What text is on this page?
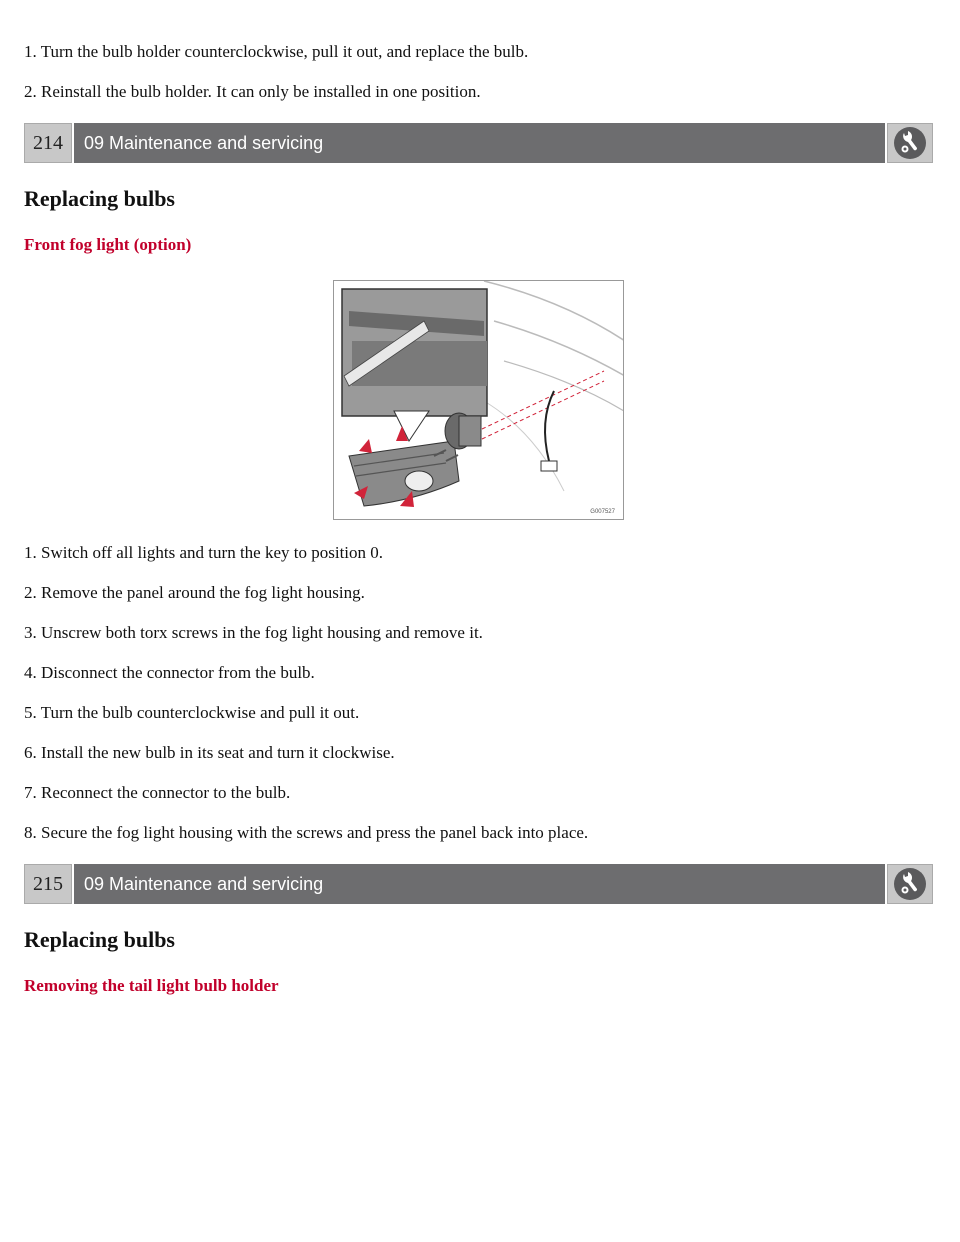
1. Turn the bulb holder counterclockwise, pull it out, and replace the bulb.

2. Reinstall the bulb holder. It can only be installed in one position.

214	09 Maintenance and servicing
Replacing bulbs
Front fog light (option)
G007527

1. Switch off all lights and turn the key to position 0.

2. Remove the panel around the fog light housing.

3. Unscrew both torx screws in the fog light housing and remove it.

4. Disconnect the connector from the bulb.

5. Turn the bulb counterclockwise and pull it out.

6. Install the new bulb in its seat and turn it clockwise.

7. Reconnect the connector to the bulb.

8. Secure the fog light housing with the screws and press the panel back into place.

215	09 Maintenance and servicing
Replacing bulbs
Removing the tail light bulb holder
